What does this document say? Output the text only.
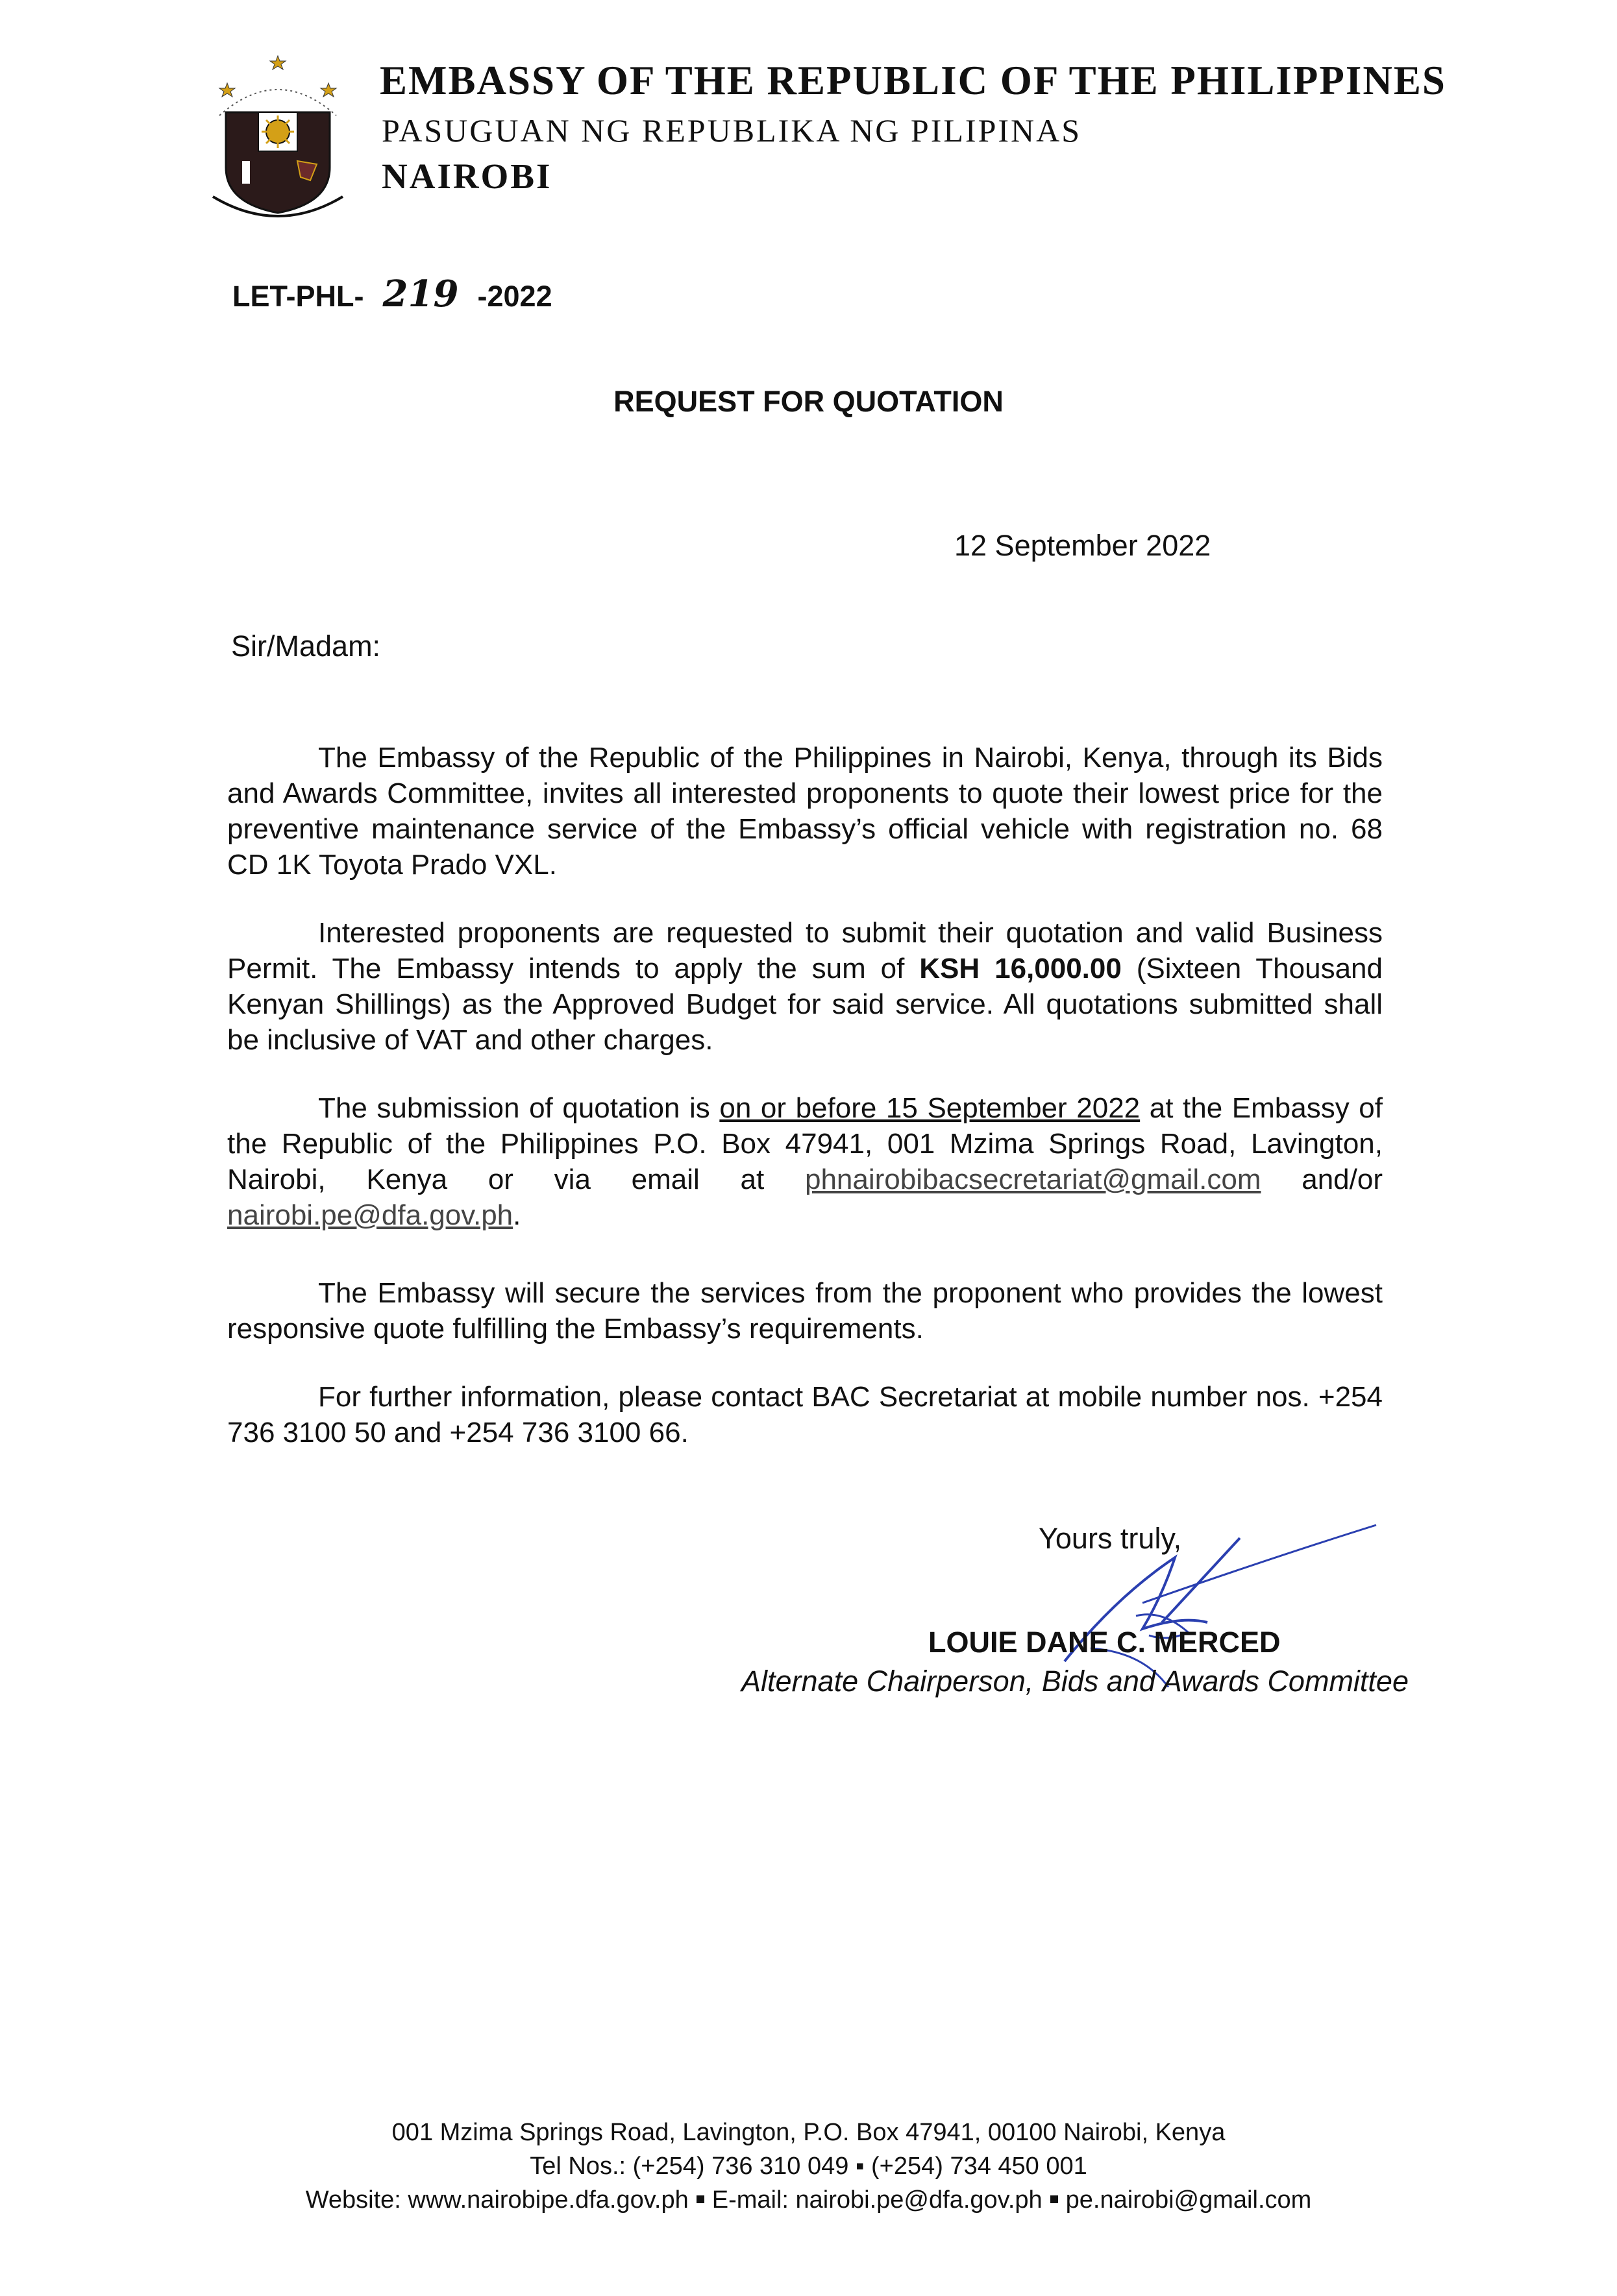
EMBASSY OF THE REPUBLIC OF THE PHILIPPINES
PASUGUAN NG REPUBLIKA NG PILIPINAS
NAIROBI
LET-PHL- 219 -2022
REQUEST FOR QUOTATION
12 September 2022
Sir/Madam:
The Embassy of the Republic of the Philippines in Nairobi, Kenya, through its Bids and Awards Committee, invites all interested proponents to quote their lowest price for the preventive maintenance service of the Embassy’s official vehicle with registration no. 68 CD 1K Toyota Prado VXL.
Interested proponents are requested to submit their quotation and valid Business Permit. The Embassy intends to apply the sum of KSH 16,000.00 (Sixteen Thousand Kenyan Shillings) as the Approved Budget for said service. All quotations submitted shall be inclusive of VAT and other charges.
The submission of quotation is on or before 15 September 2022 at the Embassy of the Republic of the Philippines P.O. Box 47941, 001 Mzima Springs Road, Lavington, Nairobi, Kenya or via email at phnairobibacsecretariat@gmail.com and/or nairobi.pe@dfa.gov.ph.
The Embassy will secure the services from the proponent who provides the lowest responsive quote fulfilling the Embassy’s requirements.
For further information, please contact BAC Secretariat at mobile number nos. +254 736 3100 50 and +254 736 3100 66.
Yours truly,
LOUIE DANE C. MERCED
Alternate Chairperson, Bids and Awards Committee
001 Mzima Springs Road, Lavington, P.O. Box 47941, 00100 Nairobi, Kenya
Tel Nos.: (+254) 736 310 049 ▪ (+254) 734 450 001
Website: www.nairobipe.dfa.gov.ph E-mail: nairobi.pe@dfa.gov.ph pe.nairobi@gmail.com
